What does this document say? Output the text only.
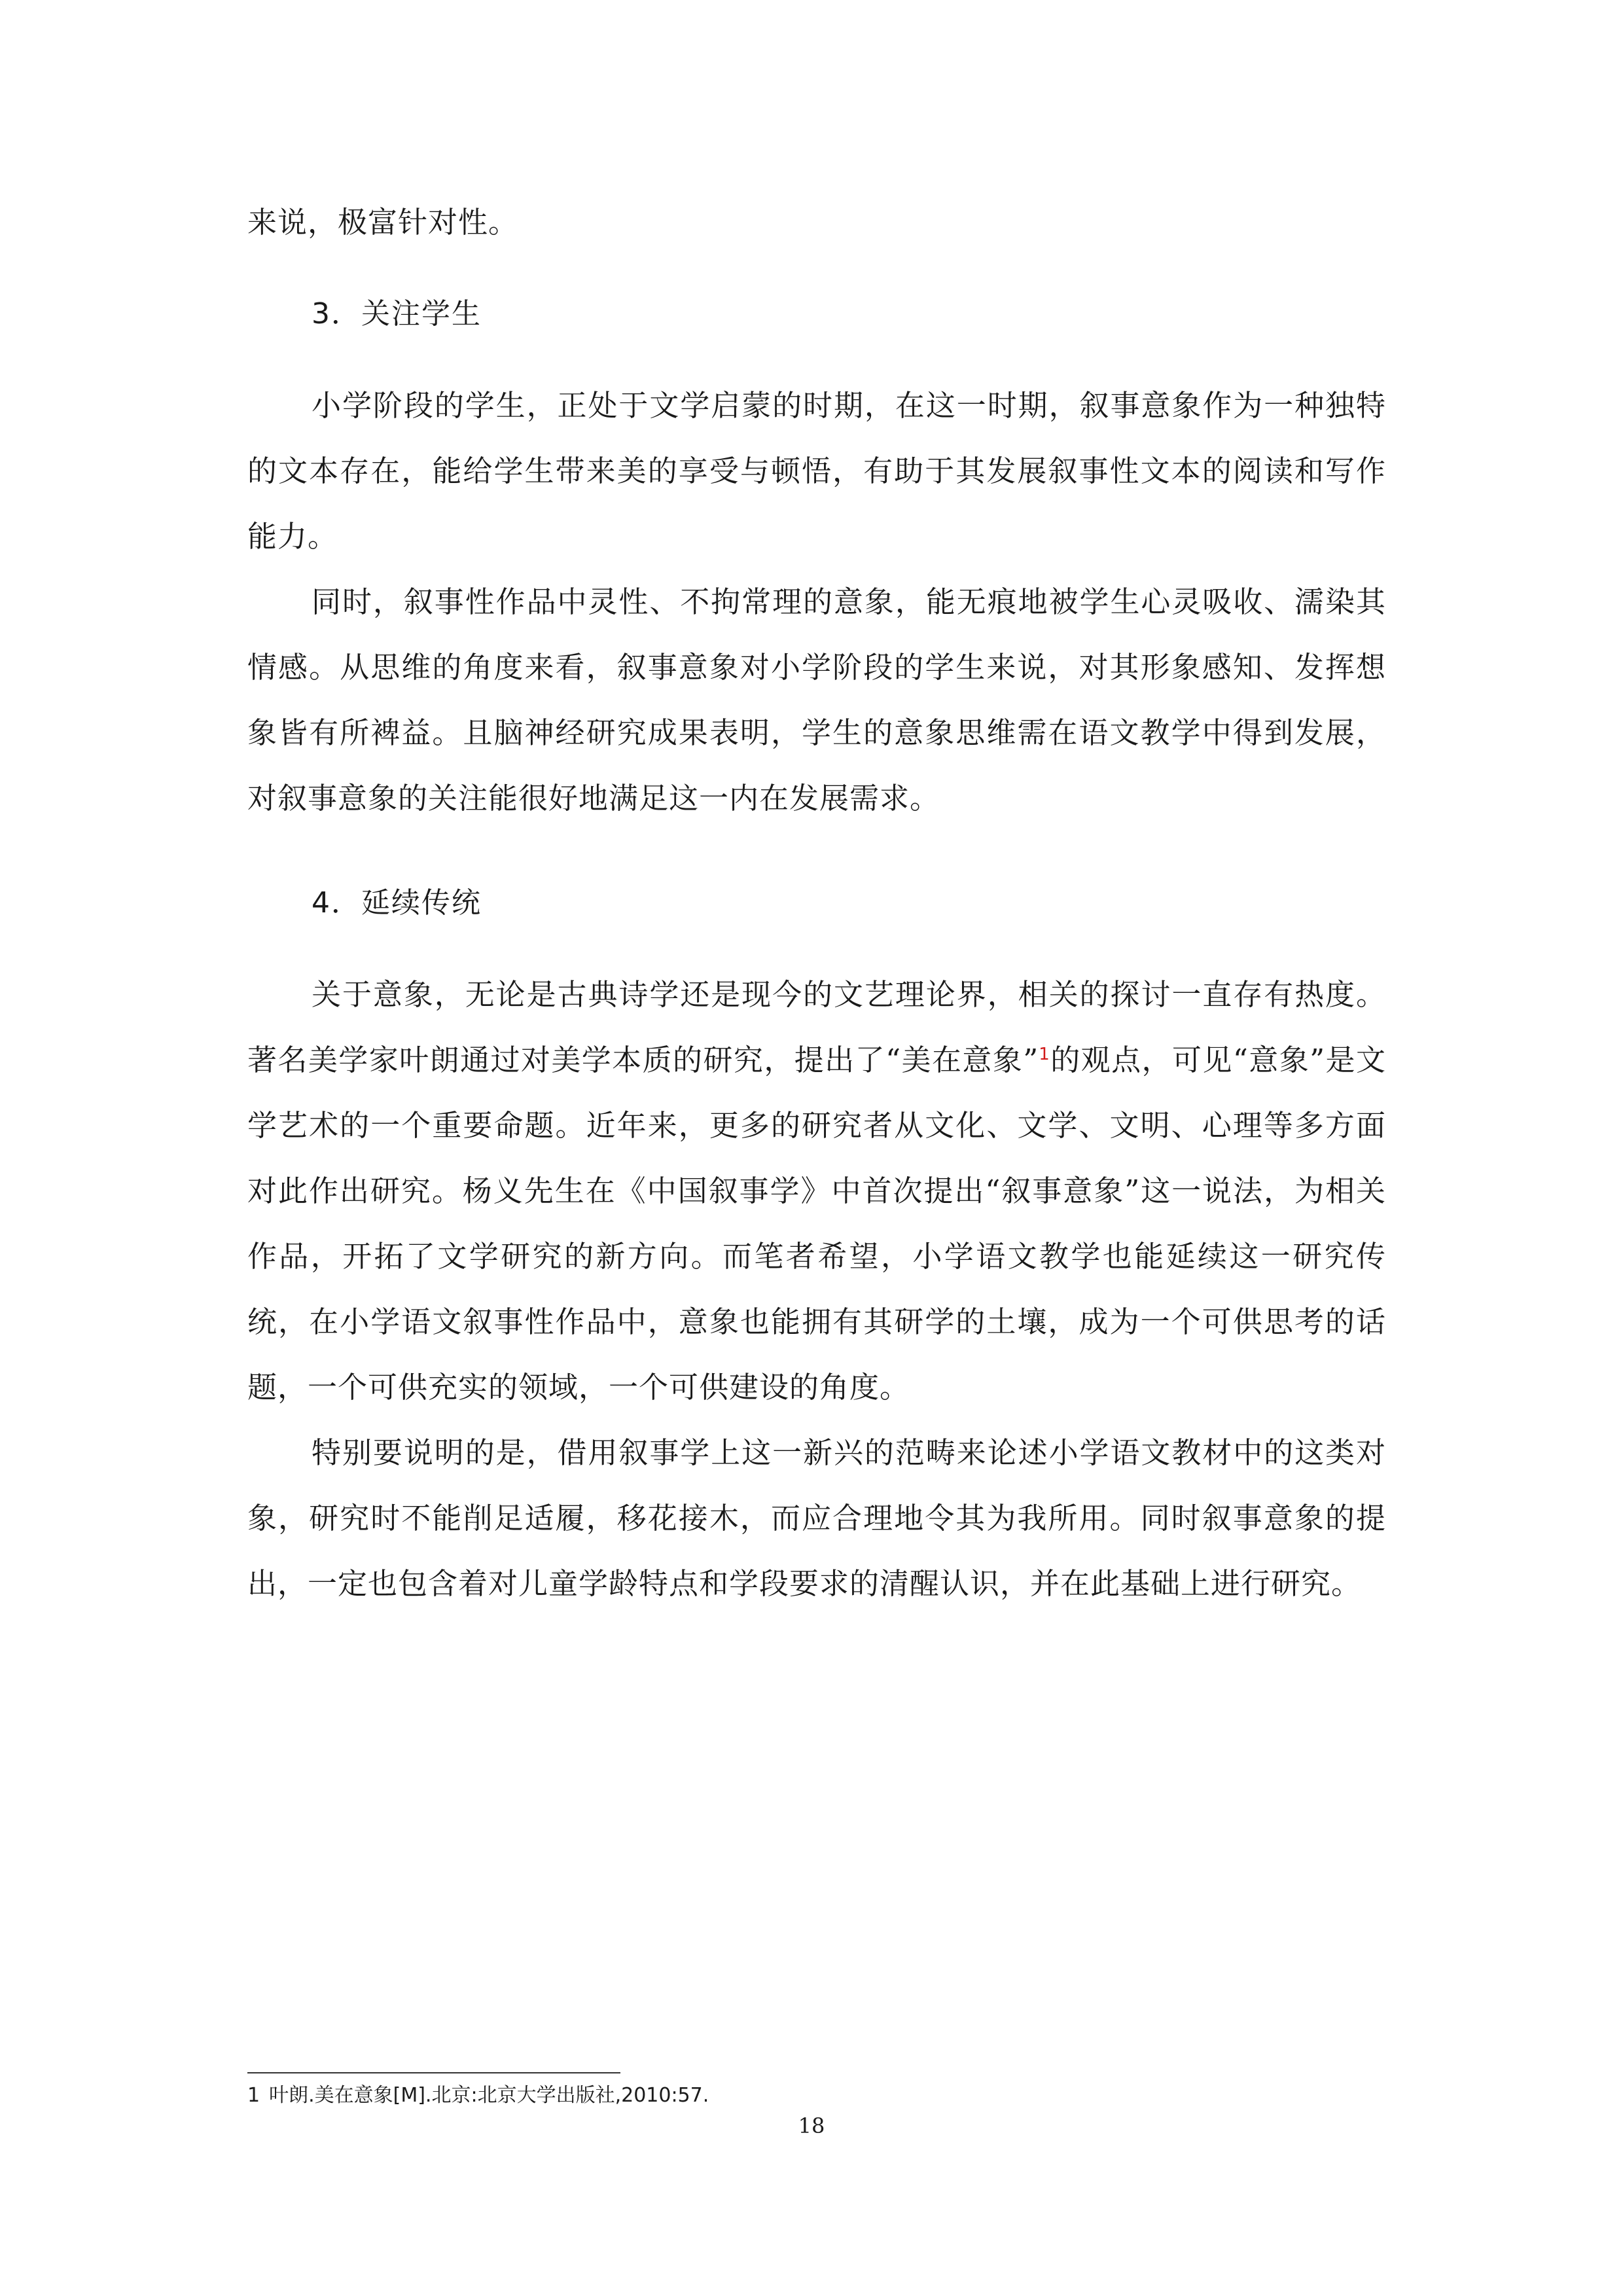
来说，极富针对性。

3．关注学生

小学阶段的学生，正处于文学启蒙的时期，在这一时期，叙事意象作为一种独特的文本存在，能给学生带来美的享受与顿悟，有助于其发展叙事性文本的阅读和写作能力。

同时，叙事性作品中灵性、不拘常理的意象，能无痕地被学生心灵吸收、濡染其情感。从思维的角度来看，叙事意象对小学阶段的学生来说，对其形象感知、发挥想象皆有所裨益。且脑神经研究成果表明，学生的意象思维需在语文教学中得到发展，对叙事意象的关注能很好地满足这一内在发展需求。

4．延续传统

关于意象，无论是古典诗学还是现今的文艺理论界，相关的探讨一直存有热度。著名美学家叶朗通过对美学本质的研究，提出了“美在意象”$^1$的观点，可见“意象”是文学艺术的一个重要命题。近年来，更多的研究者从文化、文学、文明、心理等多方面对此作出研究。杨义先生在《中国叙事学》中首次提出“叙事意象”这一说法，为相关作品，开拓了文学研究的新方向。而笔者希望，小学语文教学也能延续这一研究传统，在小学语文叙事性作品中，意象也能拥有其研学的土壤，成为一个可供思考的话题，一个可供充实的领域，一个可供建设的角度。

特别要说明的是，借用叙事学上这一新兴的范畴来论述小学语文教材中的这类对象，研究时不能削足适履，移花接木，而应合理地令其为我所用。同时叙事意象的提出，一定也包含着对儿童学龄特点和学段要求的清醒认识，并在此基础上进行研究。

1 叶朗.美在意象[M].北京:北京大学出版社,2010:57.
18
